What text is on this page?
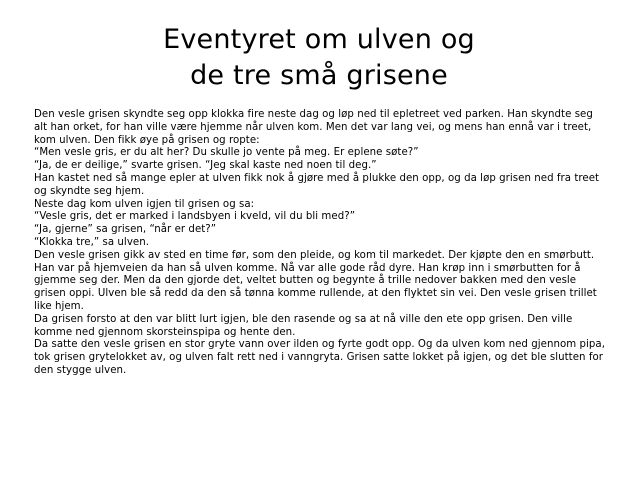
Eventyret om ulven og
de tre små grisene

Den vesle grisen skyndte seg opp klokka fire neste dag og løp ned til epletreet ved parken. Han skyndte seg alt han orket, for han ville være hjemme når ulven kom. Men det var lang vei, og mens han ennå var i treet, kom ulven. Den fikk øye på grisen og ropte:

“Men vesle gris, er du alt her? Du skulle jo vente på meg. Er eplene søte?”

“Ja, de er deilige,” svarte grisen. “Jeg skal kaste ned noen til deg.”

Han kastet ned så mange epler at ulven fikk nok å gjøre med å plukke den opp, og da løp grisen ned fra treet og skyndte seg hjem.

Neste dag kom ulven igjen til grisen og sa:

“Vesle gris, det er marked i landsbyen i kveld, vil du bli med?”

“Ja, gjerne” sa grisen, “når er det?”

“Klokka tre,” sa ulven.

Den vesle grisen gikk av sted en time før, som den pleide, og kom til markedet. Der kjøpte den en smørbutt. Han var på hjemveien da han så ulven komme. Nå var alle gode råd dyre. Han krøp inn i smørbutten for å gjemme seg der. Men da den gjorde det, veltet butten og begynte å trille nedover bakken med den vesle grisen oppi. Ulven ble så redd da den så tønna komme rullende, at den flyktet sin vei. Den vesle grisen trillet like hjem.

Da grisen forsto at den var blitt lurt igjen, ble den rasende og sa at nå ville den ete opp grisen. Den ville komme ned gjennom skorsteinspipa og hente den.

Da satte den vesle grisen en stor gryte vann over ilden og fyrte godt opp. Og da ulven kom ned gjennom pipa, tok grisen grytelokket av, og ulven falt rett ned i vanngryta. Grisen satte lokket på igjen, og det ble slutten for den stygge ulven.
